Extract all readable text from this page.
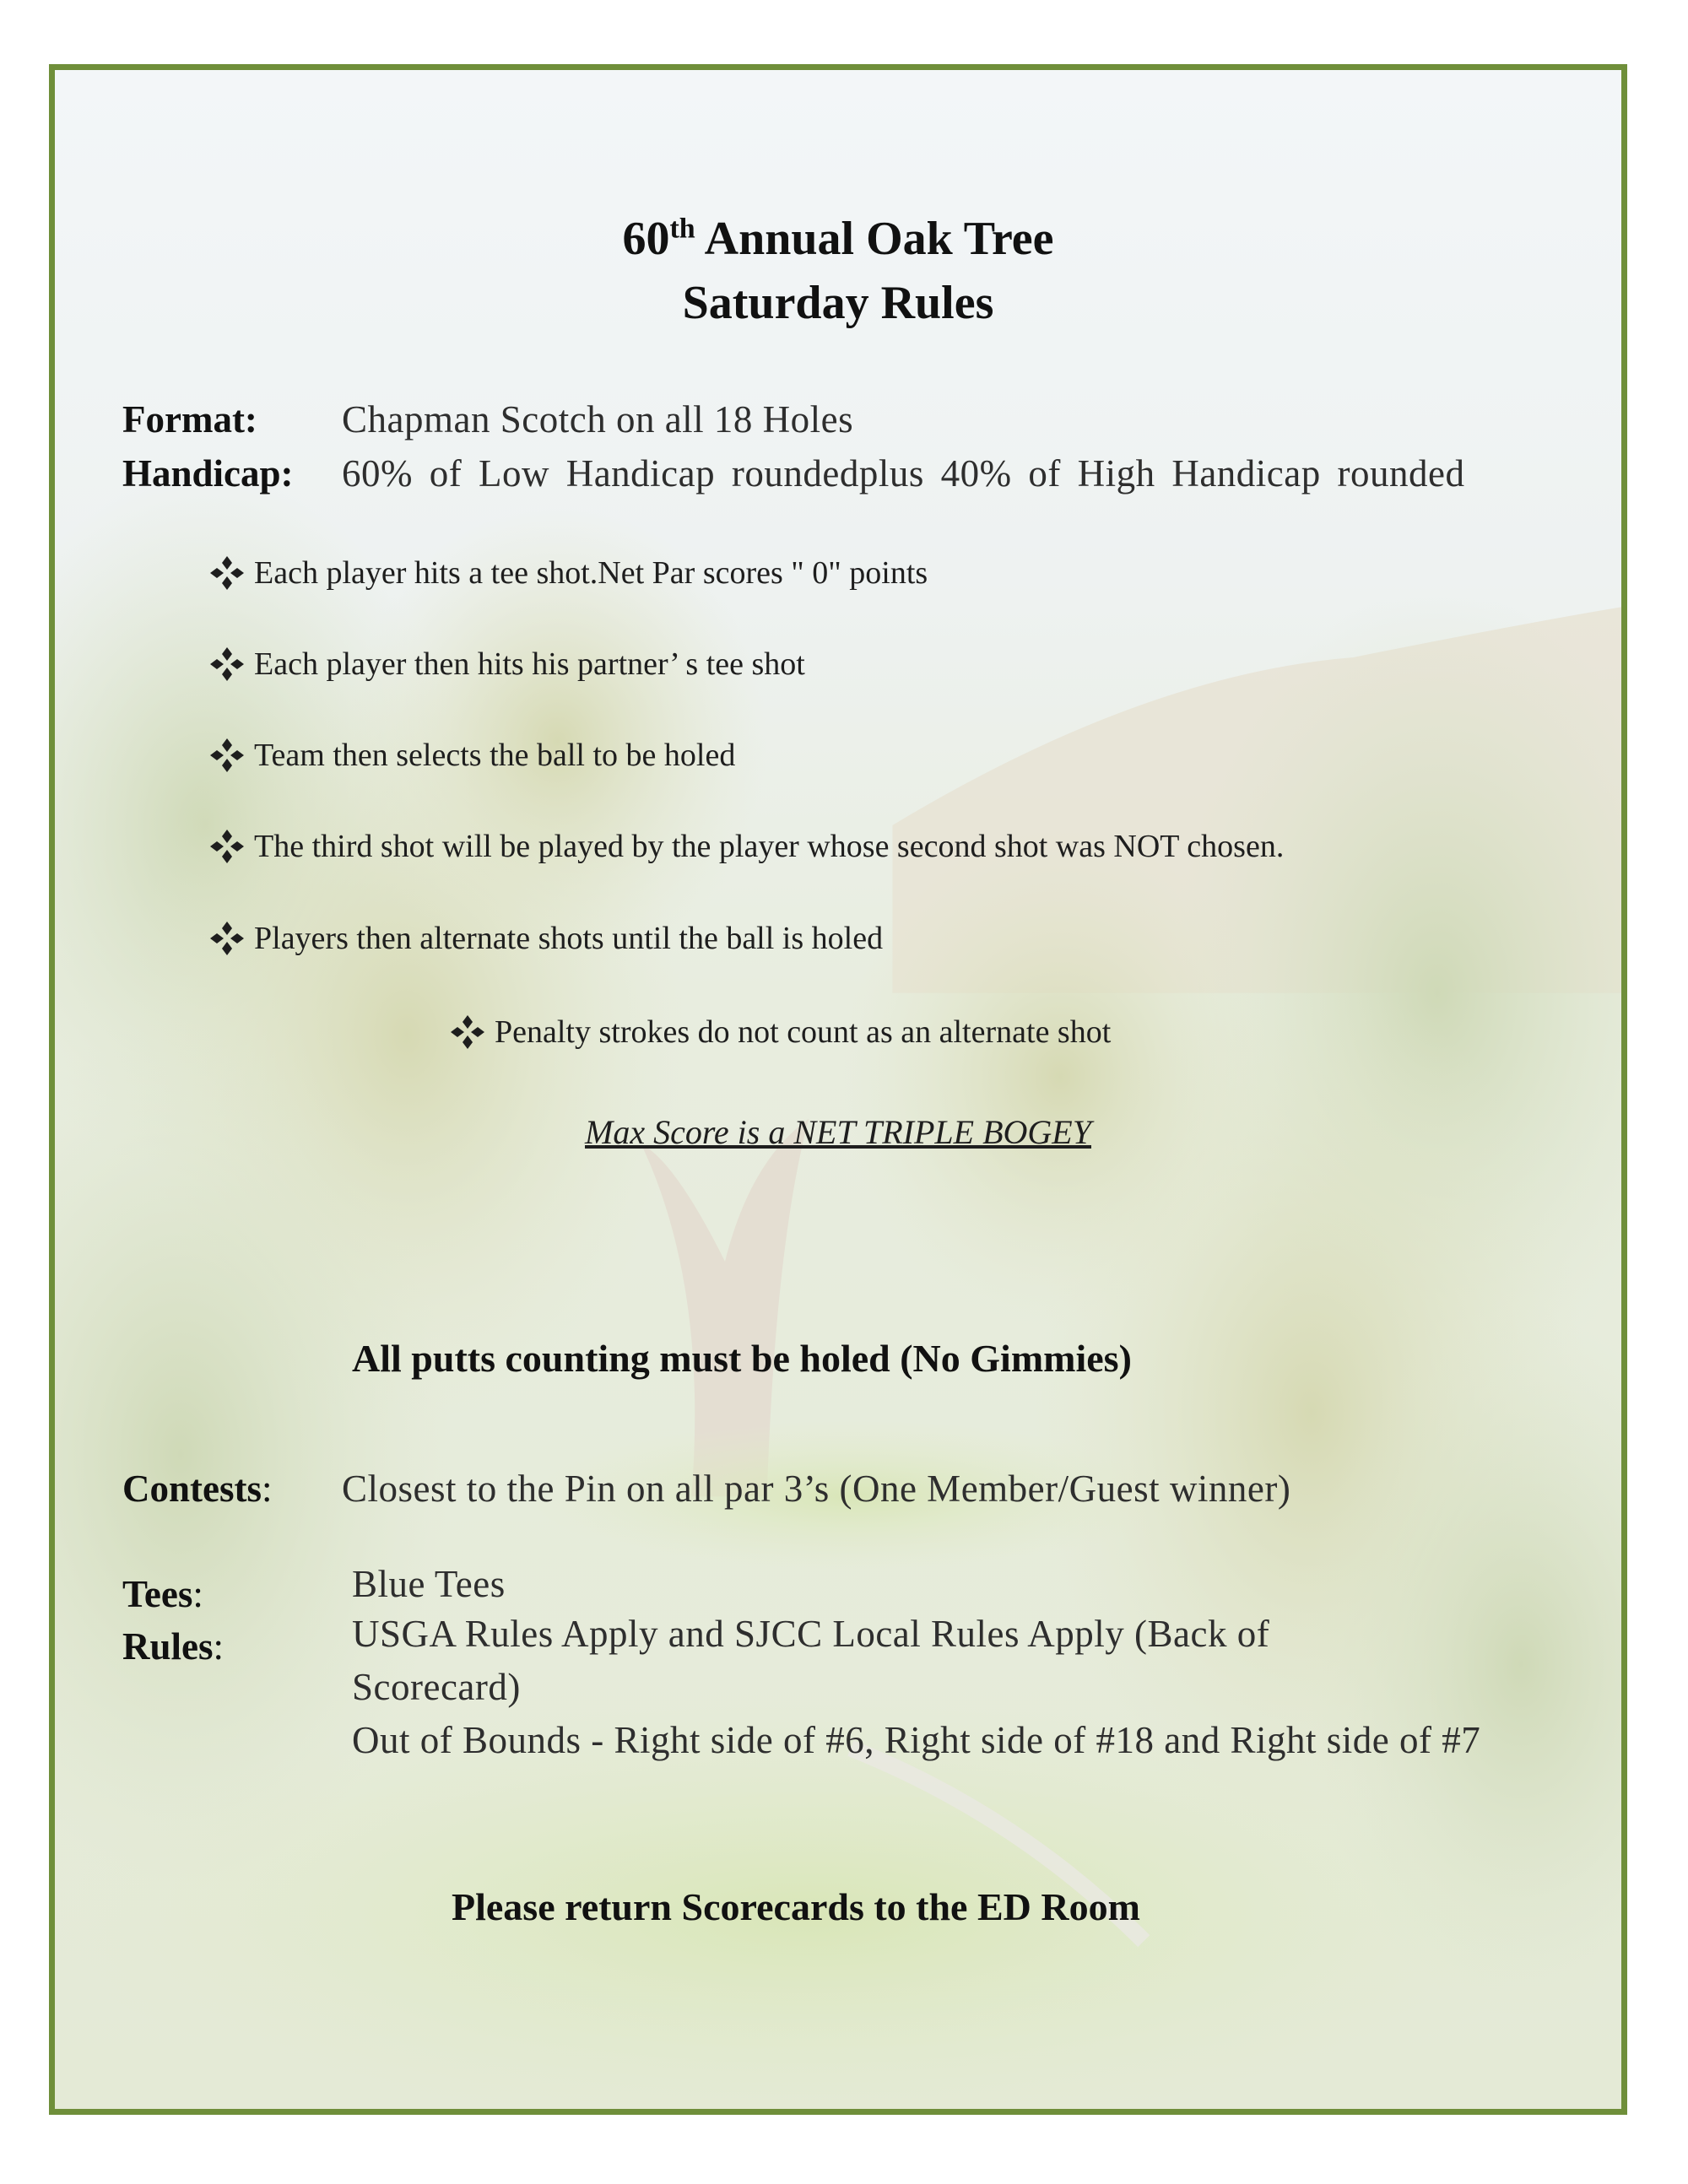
60th Annual Oak Tree
Saturday Rules
Format: Chapman Scotch on all 18 Holes
Handicap: 60% of Low Handicap roundedplus 40% of High Handicap rounded
Each player hits a tee shot.Net Par scores " 0" points
Each player then hits his partner’ s tee shot
Team then selects the ball to be holed
The third shot will be played by the player whose second shot was NOT chosen.
Players then alternate shots until the ball is holed
Penalty strokes do not count as an alternate shot
Max Score is a NET TRIPLE BOGEY
All putts counting must be holed (No Gimmies)
Contests: Closest to the Pin on all par 3’s (One Member/Guest winner)
Tees:	Blue Tees
Rules:	USGA Rules Apply and SJCC Local Rules Apply (Back of Scorecard)
Out of Bounds - Right side of #6, Right side of #18 and Right side of #7
Please return Scorecards to the ED Room
